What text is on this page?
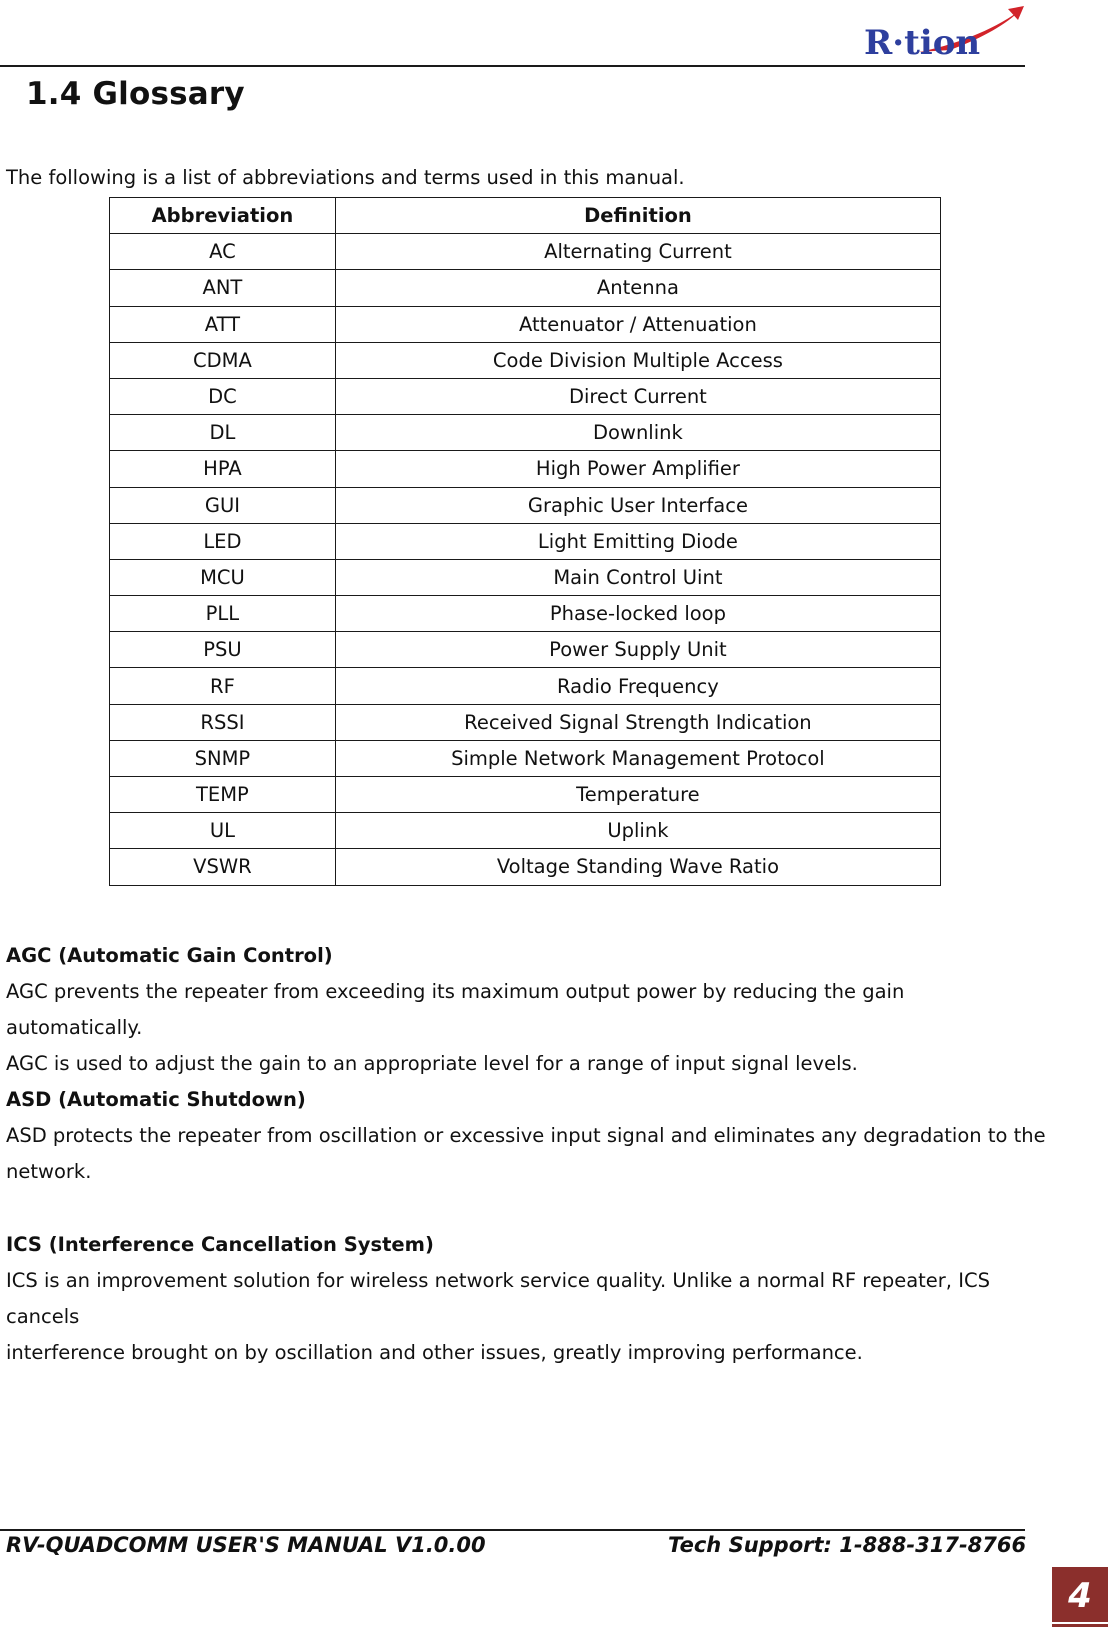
R·tion
1.4 Glossary

The following is a list of abbreviations and terms used in this manual.

Abbreviation	Definition
AC	Alternating Current
ANT	Antenna
ATT	Attenuator / Attenuation
CDMA	Code Division Multiple Access
DC	Direct Current
DL	Downlink
HPA	High Power Amplifier
GUI	Graphic User Interface
LED	Light Emitting Diode
MCU	Main Control Uint
PLL	Phase-locked loop
PSU	Power Supply Unit
RF	Radio Frequency
RSSI	Received Signal Strength Indication
SNMP	Simple Network Management Protocol
TEMP	Temperature
UL	Uplink
VSWR	Voltage Standing Wave Ratio

AGC (Automatic Gain Control)

AGC prevents the repeater from exceeding its maximum output power by reducing the gain automatically.

AGC is used to adjust the gain to an appropriate level for a range of input signal levels.

ASD (Automatic Shutdown)

ASD protects the repeater from oscillation or excessive input signal and eliminates any degradation to the

network.

ICS (Interference Cancellation System)

ICS is an improvement solution for wireless network service quality. Unlike a normal RF repeater, ICS cancels

interference brought on by oscillation and other issues, greatly improving performance.

RV-QUADCOMM USER'S MANUAL V1.0.00	Tech Support: 1-888-317-8766
4
